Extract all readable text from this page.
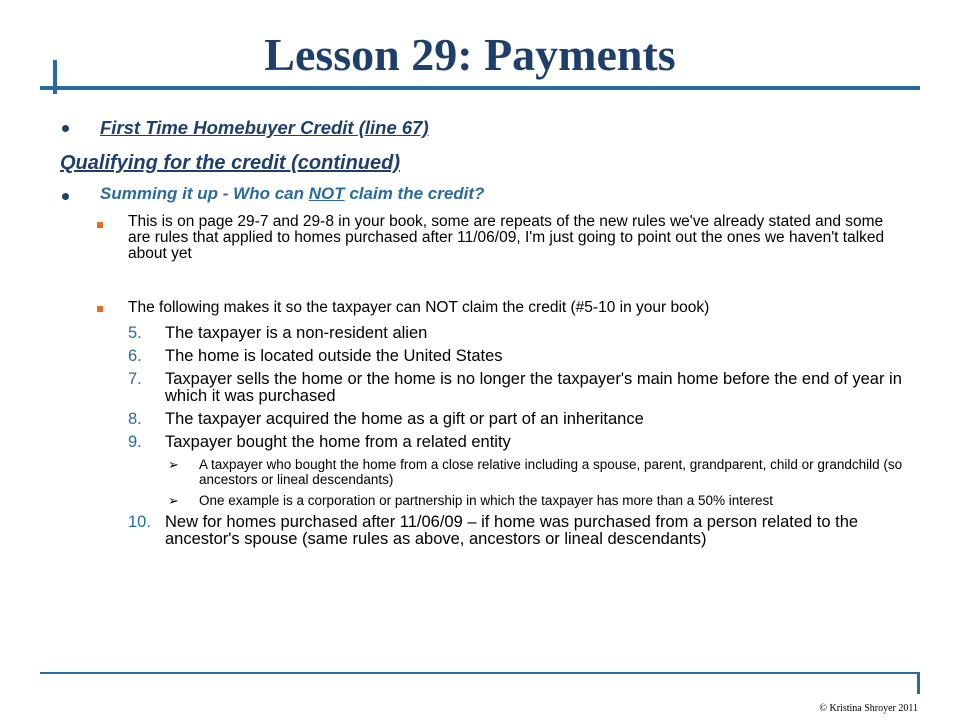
Lesson 29: Payments
First Time Homebuyer Credit (line 67)
Qualifying for the credit (continued)
Summing it up - Who can NOT claim the credit?
This is on page 29-7 and 29-8 in your book, some are repeats of the new rules we've already stated and some are rules that applied to homes purchased after 11/06/09, I'm just going to point out the ones we haven't talked about yet
The following makes it so the taxpayer can NOT claim the credit (#5-10 in your book)
5. The taxpayer is a non-resident alien
6. The home is located outside the United States
7. Taxpayer sells the home or the home is no longer the taxpayer's main home before the end of year in which it was purchased
8. The taxpayer acquired the home as a gift or part of an inheritance
9. Taxpayer bought the home from a related entity
➢ A taxpayer who bought the home from a close relative including a spouse, parent, grandparent, child or grandchild (so ancestors or lineal descendants)
➢ One example is a corporation or partnership in which the taxpayer has more than a 50% interest
10. New for homes purchased after 11/06/09 – if home was purchased from a person related to the ancestor's spouse (same rules as above, ancestors or lineal descendants)
© Kristina Shroyer 2011
